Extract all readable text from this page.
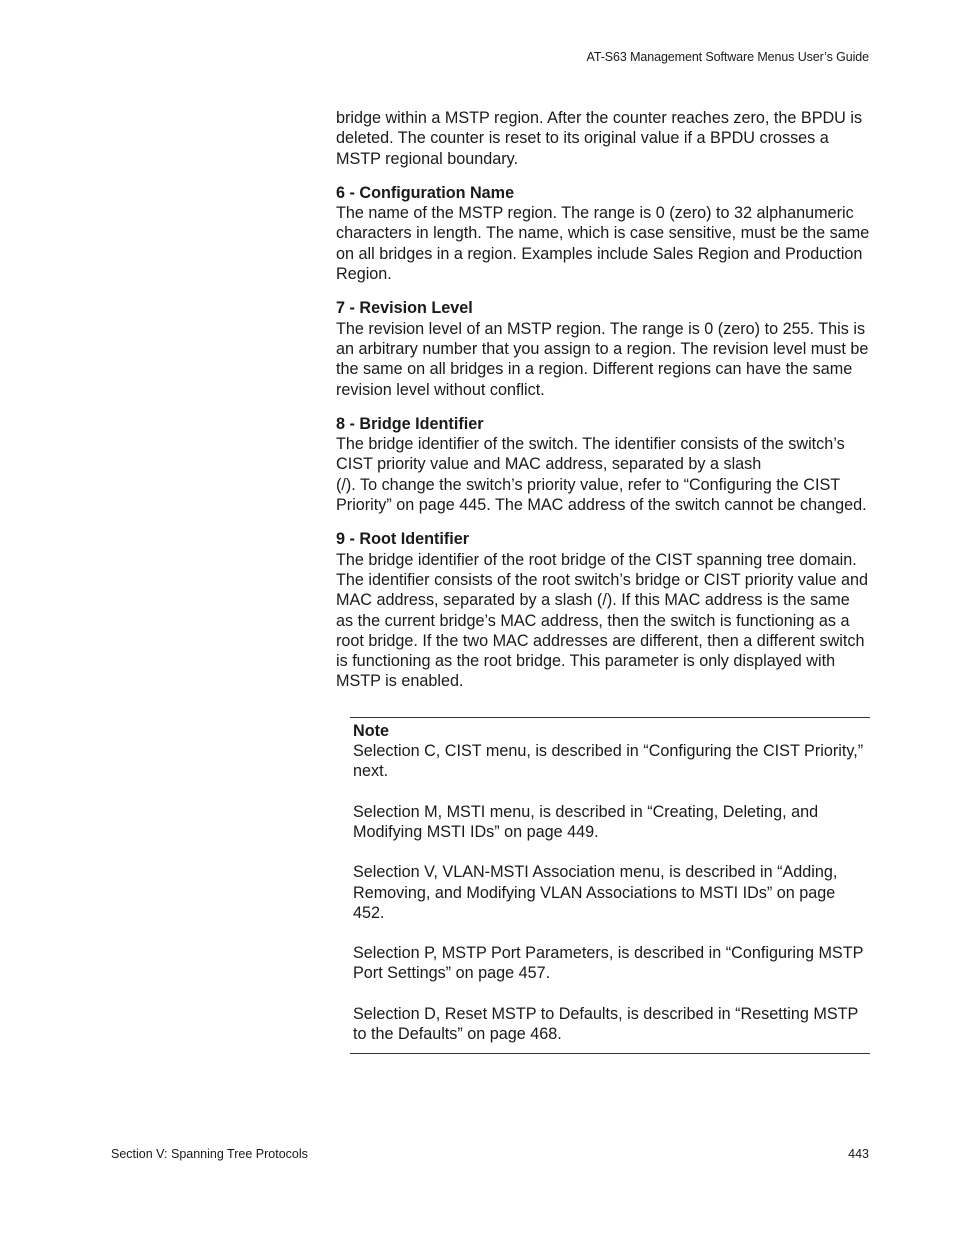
AT-S63 Management Software Menus User’s Guide

bridge within a MSTP region. After the counter reaches zero, the BPDU is deleted. The counter is reset to its original value if a BPDU crosses a MSTP regional boundary.

6 - Configuration Name

The name of the MSTP region. The range is 0 (zero) to 32 alphanumeric characters in length. The name, which is case sensitive, must be the same on all bridges in a region. Examples include Sales Region and Production Region.

7 - Revision Level

The revision level of an MSTP region. The range is 0 (zero) to 255. This is an arbitrary number that you assign to a region. The revision level must be the same on all bridges in a region. Different regions can have the same revision level without conflict.

8 - Bridge Identifier

The bridge identifier of the switch. The identifier consists of the switch’s CIST priority value and MAC address, separated by a slash

(/). To change the switch’s priority value, refer to “Configuring the CIST Priority” on page 445. The MAC address of the switch cannot be changed.

9 - Root Identifier

The bridge identifier of the root bridge of the CIST spanning tree domain. The identifier consists of the root switch’s bridge or CIST priority value and MAC address, separated by a slash (/). If this MAC address is the same as the current bridge’s MAC address, then the switch is functioning as a root bridge. If the two MAC addresses are different, then a different switch is functioning as the root bridge. This parameter is only displayed with MSTP is enabled.

Note

Selection C, CIST menu, is described in “Configuring the CIST Priority,” next.

Selection M, MSTI menu, is described in “Creating, Deleting, and Modifying MSTI IDs” on page 449.

Selection V, VLAN-MSTI Association menu, is described in “Adding, Removing, and Modifying VLAN Associations to MSTI IDs” on page 452.

Selection P, MSTP Port Parameters, is described in “Configuring MSTP Port Settings” on page 457.

Selection D, Reset MSTP to Defaults, is described in “Resetting MSTP to the Defaults” on page 468.

Section V: Spanning Tree Protocols	443
